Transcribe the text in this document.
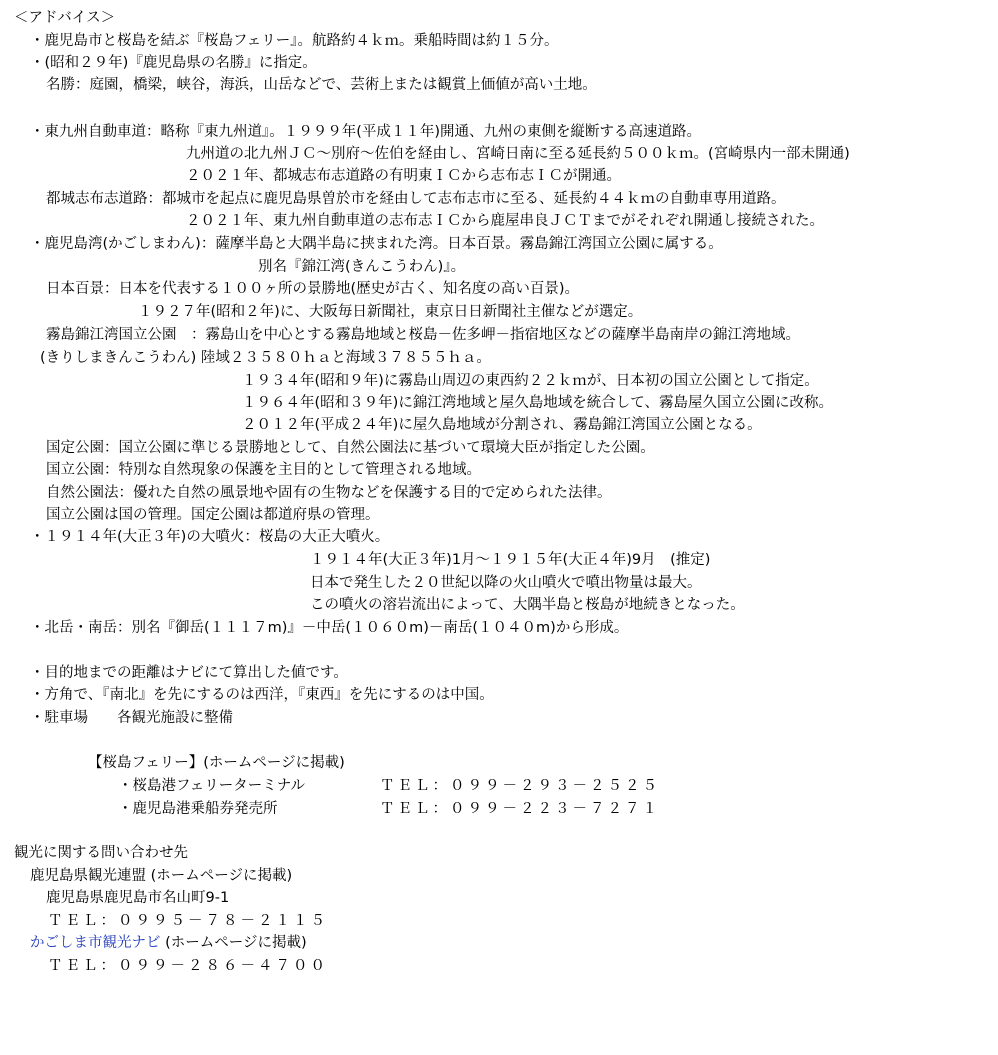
＜アドバイス＞
・鹿児島市と桜島を結ぶ『桜島フェリー』。航路約４ｋｍ。乗船時間は約１５分。
・(昭和２９年)『鹿児島県の名勝』に指定。
名勝：庭園，橋梁，峡谷，海浜，山岳などで、芸術上または観賞上価値が高い土地。
・東九州自動車道：略称『東九州道』。１９９９年(平成１１年)開通、九州の東側を縦断する高速道路。
九州道の北九州ＪＣ～別府～佐伯を経由し、宮崎日南に至る延長約５００ｋｍ。(宮崎県内一部未開通)
２０２１年、都城志布志道路の有明東ＩＣから志布志ＩＣが開通。
都城志布志道路：都城市を起点に鹿児島県曽於市を経由して志布志市に至る、延長約４４ｋｍの自動車専用道路。
２０２１年、東九州自動車道の志布志ＩＣから鹿屋串良ＪＣＴまでがそれぞれ開通し接続された。
・鹿児島湾(かごしまわん)：薩摩半島と大隅半島に挟まれた湾。日本百景。霧島錦江湾国立公園に属する。
別名『錦江湾(きんこうわん)』。
日本百景：日本を代表する１００ヶ所の景勝地(歴史が古く、知名度の高い百景)。
１９２７年(昭和２年)に、大阪毎日新聞社，東京日日新聞社主催などが選定。
霧島錦江湾国立公園　：霧島山を中心とする霧島地域と桜島－佐多岬－指宿地区などの薩摩半島南岸の錦江湾地域。
(きりしまきんこうわん) 陸域２３５８０ｈａと海域３７８５５ｈａ。
１９３４年(昭和９年)に霧島山周辺の東西約２２ｋｍが、日本初の国立公園として指定。
１９６４年(昭和３９年)に錦江湾地域と屋久島地域を統合して、霧島屋久国立公園に改称。
２０１２年(平成２４年)に屋久島地域が分割され、霧島錦江湾国立公園となる。
国定公園：国立公園に準じる景勝地として、自然公園法に基づいて環境大臣が指定した公園。
国立公園：特別な自然現象の保護を主目的として管理される地域。
自然公園法：優れた自然の風景地や固有の生物などを保護する目的で定められた法律。
国立公園は国の管理。国定公園は都道府県の管理。
・１９１４年(大正３年)の大噴火：桜島の大正大噴火。
１９１４年(大正３年)1月～１９１５年(大正４年)9月　(推定)
日本で発生した２０世紀以降の火山噴火で噴出物量は最大。
この噴火の溶岩流出によって、大隅半島と桜島が地続きとなった。
・北岳・南岳：別名『御岳(１１１７m)』－中岳(１０６０m)－南岳(１０４０m)から形成。
・目的地までの距離はナビにて算出した値です。
・方角で、『南北』を先にするのは西洋，『東西』を先にするのは中国。
・駐車場　　各観光施設に整備
【桜島フェリー】(ホームページに掲載)
・桜島港フェリーターミナル	ＴＥＬ：０９９－２９３－２５２５
・鹿児島港乗船券発売所	ＴＥＬ：０９９－２２３－７２７１
観光に関する問い合わせ先
鹿児島県観光連盟 (ホームページに掲載)
鹿児島県鹿児島市名山町9-1
ＴＥＬ：０９９５－７８－２１１５
かごしま市観光ナビ (ホームページに掲載)
ＴＥＬ：０９９－２８６－４７００
